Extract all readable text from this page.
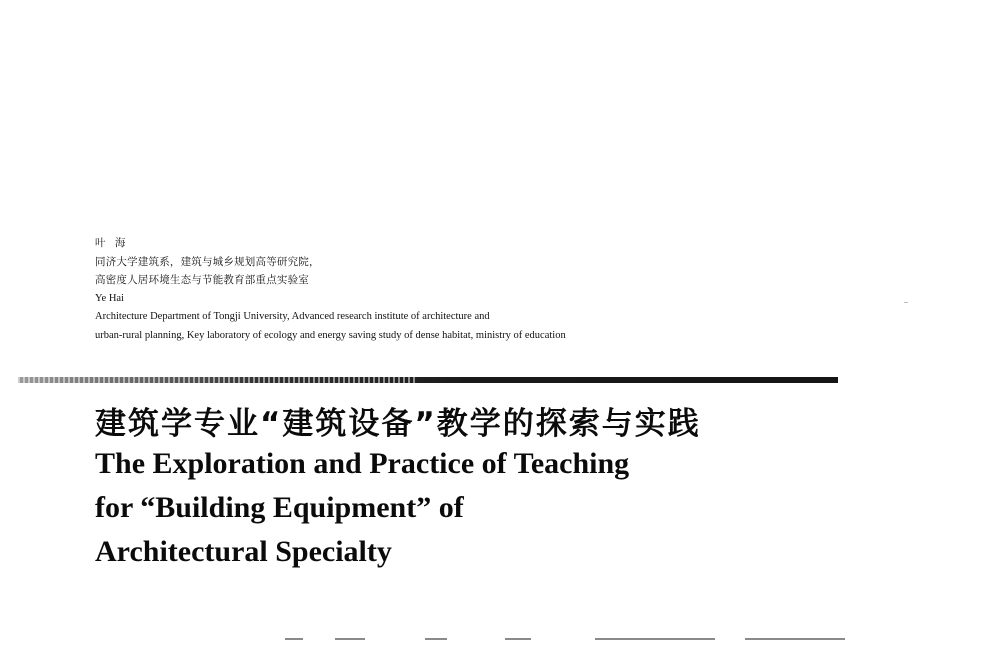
叶 海
同济大学建筑系，建筑与城乡规划高等研究院，
高密度人居环境生态与节能教育部重点实验室
Ye Hai
Architecture Department of Tongji University, Advanced research institute of architecture and
urban-rural planning, Key laboratory of ecology and energy saving study of dense habitat, ministry of education
建筑学专业“建筑设备”教学的探索与实践
The Exploration and Practice of Teaching
for “Building Equipment” of
Architectural Specialty
